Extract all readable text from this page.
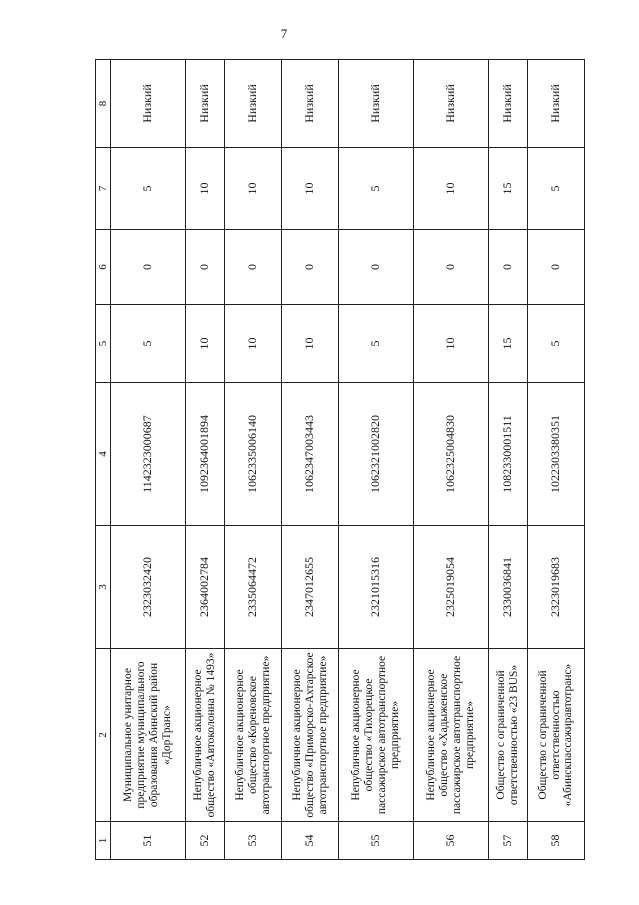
7
1	2	3	4	5	6	7	8
51	Муниципальное унитарное предприятие муниципального образования Абинский район «ДорТранс»	2323032420	1142323000687	5	0	5	Низкий
52	Непубличное акционерное общество «Автоколонна № 1493»	2364002784	1092364001894	10	0	10	Низкий
53	Непубличное акционерное общество «Кореновское автотранспортное предприятие»	2335064472	1062335006140	10	0	10	Низкий
54	Непубличное акционерное общество «Приморско-Ахтарское автотранспортное предприятие»	2347012655	1062347003443	10	0	10	Низкий
55	Непубличное акционерное общество «Тихорецкое пассажирское автотранспортное предприятие»	2321015316	1062321002820	5	0	5	Низкий
56	Непубличное акционерное общество «Хадыженское пассажирское автотранспортное предприятие»	2325019054	1062325004830	10	0	10	Низкий
57	Общество с ограниченной ответственностью «23 BUS»	2330036841	1082330001511	15	0	15	Низкий
58	Общество с ограниченной ответственностью «Абинскпассажиравтотранс»	2323019683	1022303380351	5	0	5	Низкий
